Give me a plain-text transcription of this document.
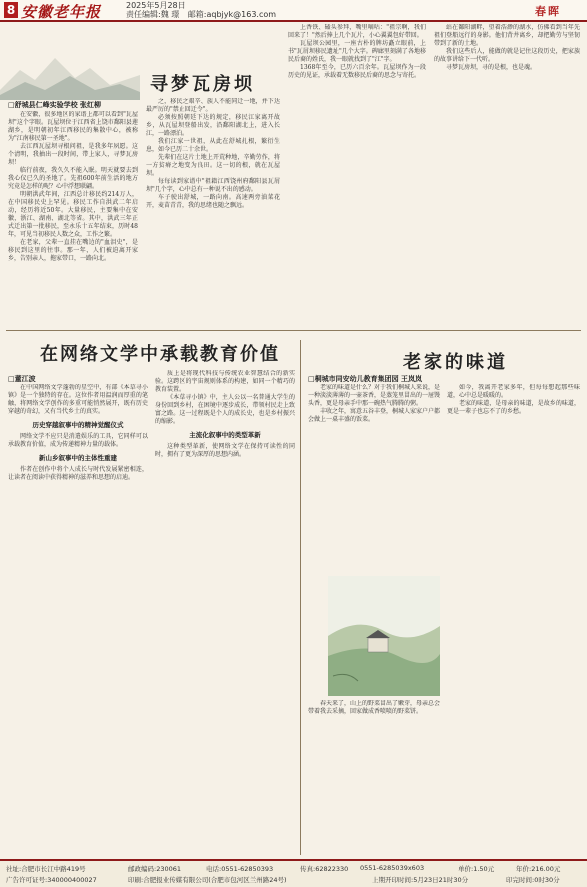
8 安徽老年报	2025年5月28日
责任编辑:魏 璟 邮箱:aqbjyk@163.com	春晖
寻梦瓦房坝
□舒城县仁峰实验学校 张红柳

在安徽，很多地区的家谱上都可以看到"瓦屋坝"这个字眼。瓦屋坝位于江西省上饶市鄱阳县莲湖乡，是明朝初年江西移民的集散中心，被称为"江南移民第一圣地"。

去江西瓦屋坝寻根问祖，是我多年夙愿。这个清明，我抽出一段时间，带上家人，寻梦瓦房坝！

临行前夜，我久久不能入眠。明天就要去到我心仪已久的圣地了。先祖600年前生活的地方究竟是怎样的呢？心中浮想联翩。

明朝洪武年间，江西总计移民约214万人，在中国移民史上罕见。移民工作自洪武二年启动，经历将近50年。大量移民，主要集中在安徽，浙江、湖南、湖北等省。其中，洪武三年正式迁出第一批移民，至永乐十五年结束，历时48年，可见当初移民人数之众，工作之繁。

在老家，父辈一直挂在嘴边的"血泪史"，是移民到这里的往事。那一年，人们被迫离开家乡，告别亲人，拖家带口，一路向北。

之，移民之艰辛、族人不能同迁一地，并下达最严厉的"禁止回迁令"。

必须按照朝廷下达的规定，移民江家离开故乡，从瓦屋坝登船出发，沿鄱阳湖北上，进入长江，一路漂泊。

我们江家一世祖，从此在舒城扎根，繁衍生息，如今已历二十余世。

先辈们在这片土地上开荒种地，辛勤劳作，将一方贫瘠之地变为良田。这一切的根，就在瓦屋坝。

每每读到家谱中"祖籍江西饶州府鄱阳县瓦屑坝"几个字，心中总有一种说不出的感动。

车子驶出舒城，一路向南。高速两旁油菜花开，麦苗青青，我的思绪也随之飘远。

上香铁、磕头参拜，嘴里嘀咕："祖宗啊，我们回来了！"然后捧上几个瓦片，小心翼翼包好带回。

瓦屋坝公园里，一座古朴的牌坊矗立眼前，上书"瓦屑坝移民遗址"几个大字。碑廊里刻满了各地移民后裔的姓氏，我一眼就找到了"江"字。

1368年至今，已历六百余年。瓦屋坝作为一段历史的见证，承载着无数移民后裔的思念与寄托。

站在鄱阳湖畔，望着浩渺的湖水，仿佛看到当年先祖们登船远行的身影。他们背井离乡，却把勤劳与坚韧带到了新的土地。

我们这些后人，能做的就是记住这段历史，把家族的故事讲给下一代听。

寻梦瓦房坝，寻的是根，也是魂。

在网络文学中承载教育价值
□董江波

在中国网络文学蓬勃的星空中，有部《本草寻小镇》是一个独特的存在。这位作者用温润而厚重的笔触，将网络文学创作的多重可能悄然展开，既有历史穿越的奇幻，又有当代乡土的真实。

历史穿越叙事中的精神觉醒仪式

网络文学不应只是消遣娱乐的工具，它同样可以承载教育价值，成为传递精神力量的载体。

新山乡叙事中的主体性重建

作者在创作中将个人成长与时代发展紧密相连，让读者在阅读中获得精神的滋养和思想的启迪。

质上是将现代科技与传统农业智慧结合的新实验。这跨区的宇宙规则体系的构建，如同一个精巧的教育装置。

《本草寻小镇》中，主人公以一名普通大学生的身份回到乡村，在困境中逐步成长，带领村民走上致富之路。这一过程既是个人的成长史，也是乡村振兴的缩影。

主流化叙事中的类型革新

这种类型革新，使网络文学在保持可读性的同时，拥有了更为深厚的思想内涵。

老家的味道
□桐城市同安幼儿教育集团园 王岚岚

老家的味道是什么？对于我们桐城人来说，是一种淡淡薄薄的一壶茶香，是蒸笼里冒出的一屉馒头香，更是母亲手中那一碗热气腾腾的粥。

丰收之年，寓意五谷丰登，桐城人家家户户都会做上一桌丰盛的饭菜。

春天来了，山上的野菜冒出了嫩芽，母亲总会带着我去采摘，回家做成香喷喷的野菜饼。

如今，我离开老家多年，但每每想起那些味道，心中总是暖暖的。

老家的味道，是母亲的味道，是故乡的味道，更是一辈子也忘不了的乡愁。

社址:合肥市长江中路419号	邮政编码:230061	电话:0551-62850393	传真:62822330 0551-6285039x603	单价:1.50元	年价:216.00元
广告许可证号:340000400027	印刷:合肥报业传媒有限公司(合肥市包河区兰州路24号)	上期开印时间:5月23日21时30分	印完时间:0时30分
